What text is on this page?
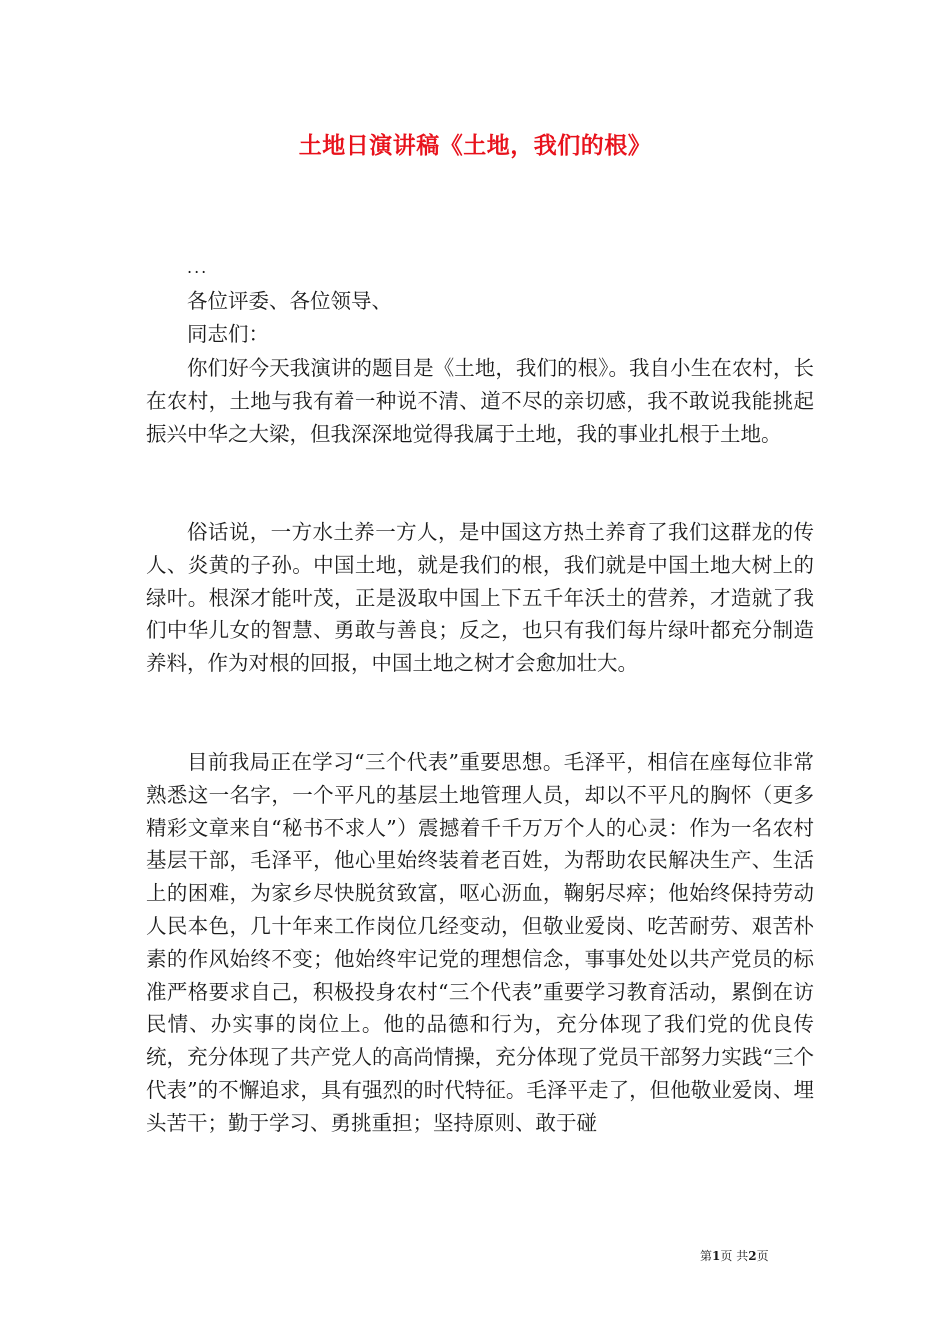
土地日演讲稿《土地，我们的根》
...
各位评委、各位领导、
同志们：
你们好今天我演讲的题目是《土地，我们的根》。我自小生在农村，长在农村，土地与我有着一种说不清、道不尽的亲切感，我不敢说我能挑起振兴中华之大梁，但我深深地觉得我属于土地，我的事业扎根于土地。
俗话说，一方水土养一方人，是中国这方热土养育了我们这群龙的传人、炎黄的子孙。中国土地，就是我们的根，我们就是中国土地大树上的绿叶。根深才能叶茂，正是汲取中国上下五千年沃土的营养，才造就了我们中华儿女的智慧、勇敢与善良；反之，也只有我们每片绿叶都充分制造养料，作为对根的回报，中国土地之树才会愈加壮大。
目前我局正在学习“三个代表”重要思想。毛泽平，相信在座每位非常熟悉这一名字，一个平凡的基层土地管理人员，却以不平凡的胸怀（更多精彩文章来自“秘书不求人”）震撼着千千万万个人的心灵：作为一名农村基层干部，毛泽平，他心里始终装着老百姓，为帮助农民解决生产、生活上的困难，为家乡尽快脱贫致富，呕心沥血，鞠躬尽瘁；他始终保持劳动人民本色，几十年来工作岗位几经变动，但敬业爱岗、吃苦耐劳、艰苦朴素的作风始终不变；他始终牢记党的理想信念，事事处处以共产党员的标准严格要求自己，积极投身农村“三个代表”重要学习教育活动，累倒在访民情、办实事的岗位上。他的品德和行为，充分体现了我们党的优良传统，充分体现了共产党人的高尚情操，充分体现了党员干部努力实践“三个代表”的不懈追求，具有强烈的时代特征。毛泽平走了，但他敬业爱岗、埋头苦干；勤于学习、勇挑重担；坚持原则、敢于碰
第1页 共2页
